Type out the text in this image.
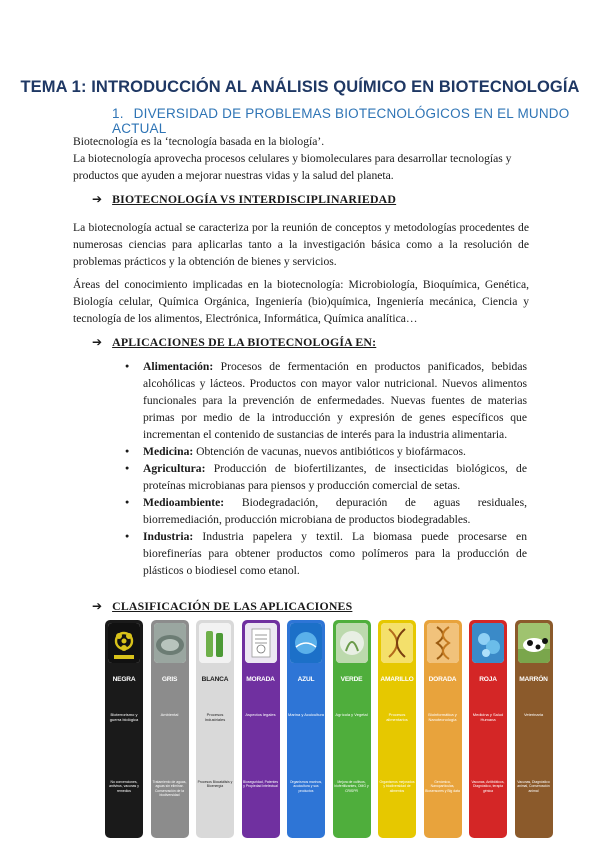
TEMA 1: INTRODUCCIÓN AL ANÁLISIS QUÍMICO EN BIOTECNOLOGÍA
1. DIVERSIDAD DE PROBLEMAS BIOTECNOLÓGICOS EN EL MUNDO ACTUAL
Biotecnología es la ‘tecnología basada en la biología’.
La biotecnología aprovecha procesos celulares y biomoleculares para desarrollar tecnologías y productos que ayuden a mejorar nuestras vidas y la salud del planeta.
➔ BIOTECNOLOGÍA VS INTERDISCIPLINARIEDAD
La biotecnología actual se caracteriza por la reunión de conceptos y metodologías procedentes de numerosas ciencias para aplicarlas tanto a la investigación básica como a la resolución de problemas prácticos y la obtención de bienes y servicios.
Áreas del conocimiento implicadas en la biotecnología: Microbiología, Bioquímica, Genética, Biología celular, Química Orgánica, Ingeniería (bio)química, Ingeniería mecánica, Ciencia y tecnología de los alimentos, Electrónica, Informática, Química analítica…
➔ APLICACIONES DE LA BIOTECNOLOGÍA EN:
● Alimentación: Procesos de fermentación en productos panificados, bebidas alcohólicas y lácteos. Productos con mayor valor nutricional. Nuevos alimentos funcionales para la prevención de enfermedades. Nuevas fuentes de materias primas por medio de la introducción y expresión de genes específicos que incrementan el contenido de sustancias de interés para la industria alimentaria.
● Medicina: Obtención de vacunas, nuevos antibióticos y biofármacos.
● Agricultura: Producción de biofertilizantes, de insecticidas biológicos, de proteínas microbianas para piensos y producción comercial de setas.
● Medioambiente: Biodegradación, depuración de aguas residuales, biorremediación, producción microbiana de productos biodegradables.
● Industria: Industria papelera y textil. La biomasa puede procesarse en biorefinerías para obtener productos como polímeros para la producción de plásticos o biodiesel como etanol.
➔ CLASIFICACIÓN DE LAS APLICACIONES
NEGRA
Bioterrorismo y guerra biológica
No convenciones, antivirus, vacunas y remedios
GRIS
Ambiental
Tratamiento de aguas, aguas sin eliminar. Conservación de la biodiversidad
BLANCA
Procesos Industriales
Procesos Biocatálisis y Bioenergía
MORADA
Aspectos legales
Bioseguridad, Patentes y Propiedad Intelectual
AZUL
Marina y Acuicultura
Organismos marinos, acuicultura y sus productos
VERDE
Agrícola y Vegetal
Mejora de cultivos, biofertilizantes, OMG y CRISPR
AMARILLO
Procesos alimentarios
Organismos mejorados y biodiversidad de alimentos
DORADA
Bioinformática y Nanotecnología
Genómica, Nanopartículas, Biosensores y Big data
ROJA
Medicina y Salud Humana
Vacunas, Antibióticos, Diagnóstico, terapia génica
MARRÓN
Veterinaria
Vacunas, Diagnóstico animal, Conservación animal
